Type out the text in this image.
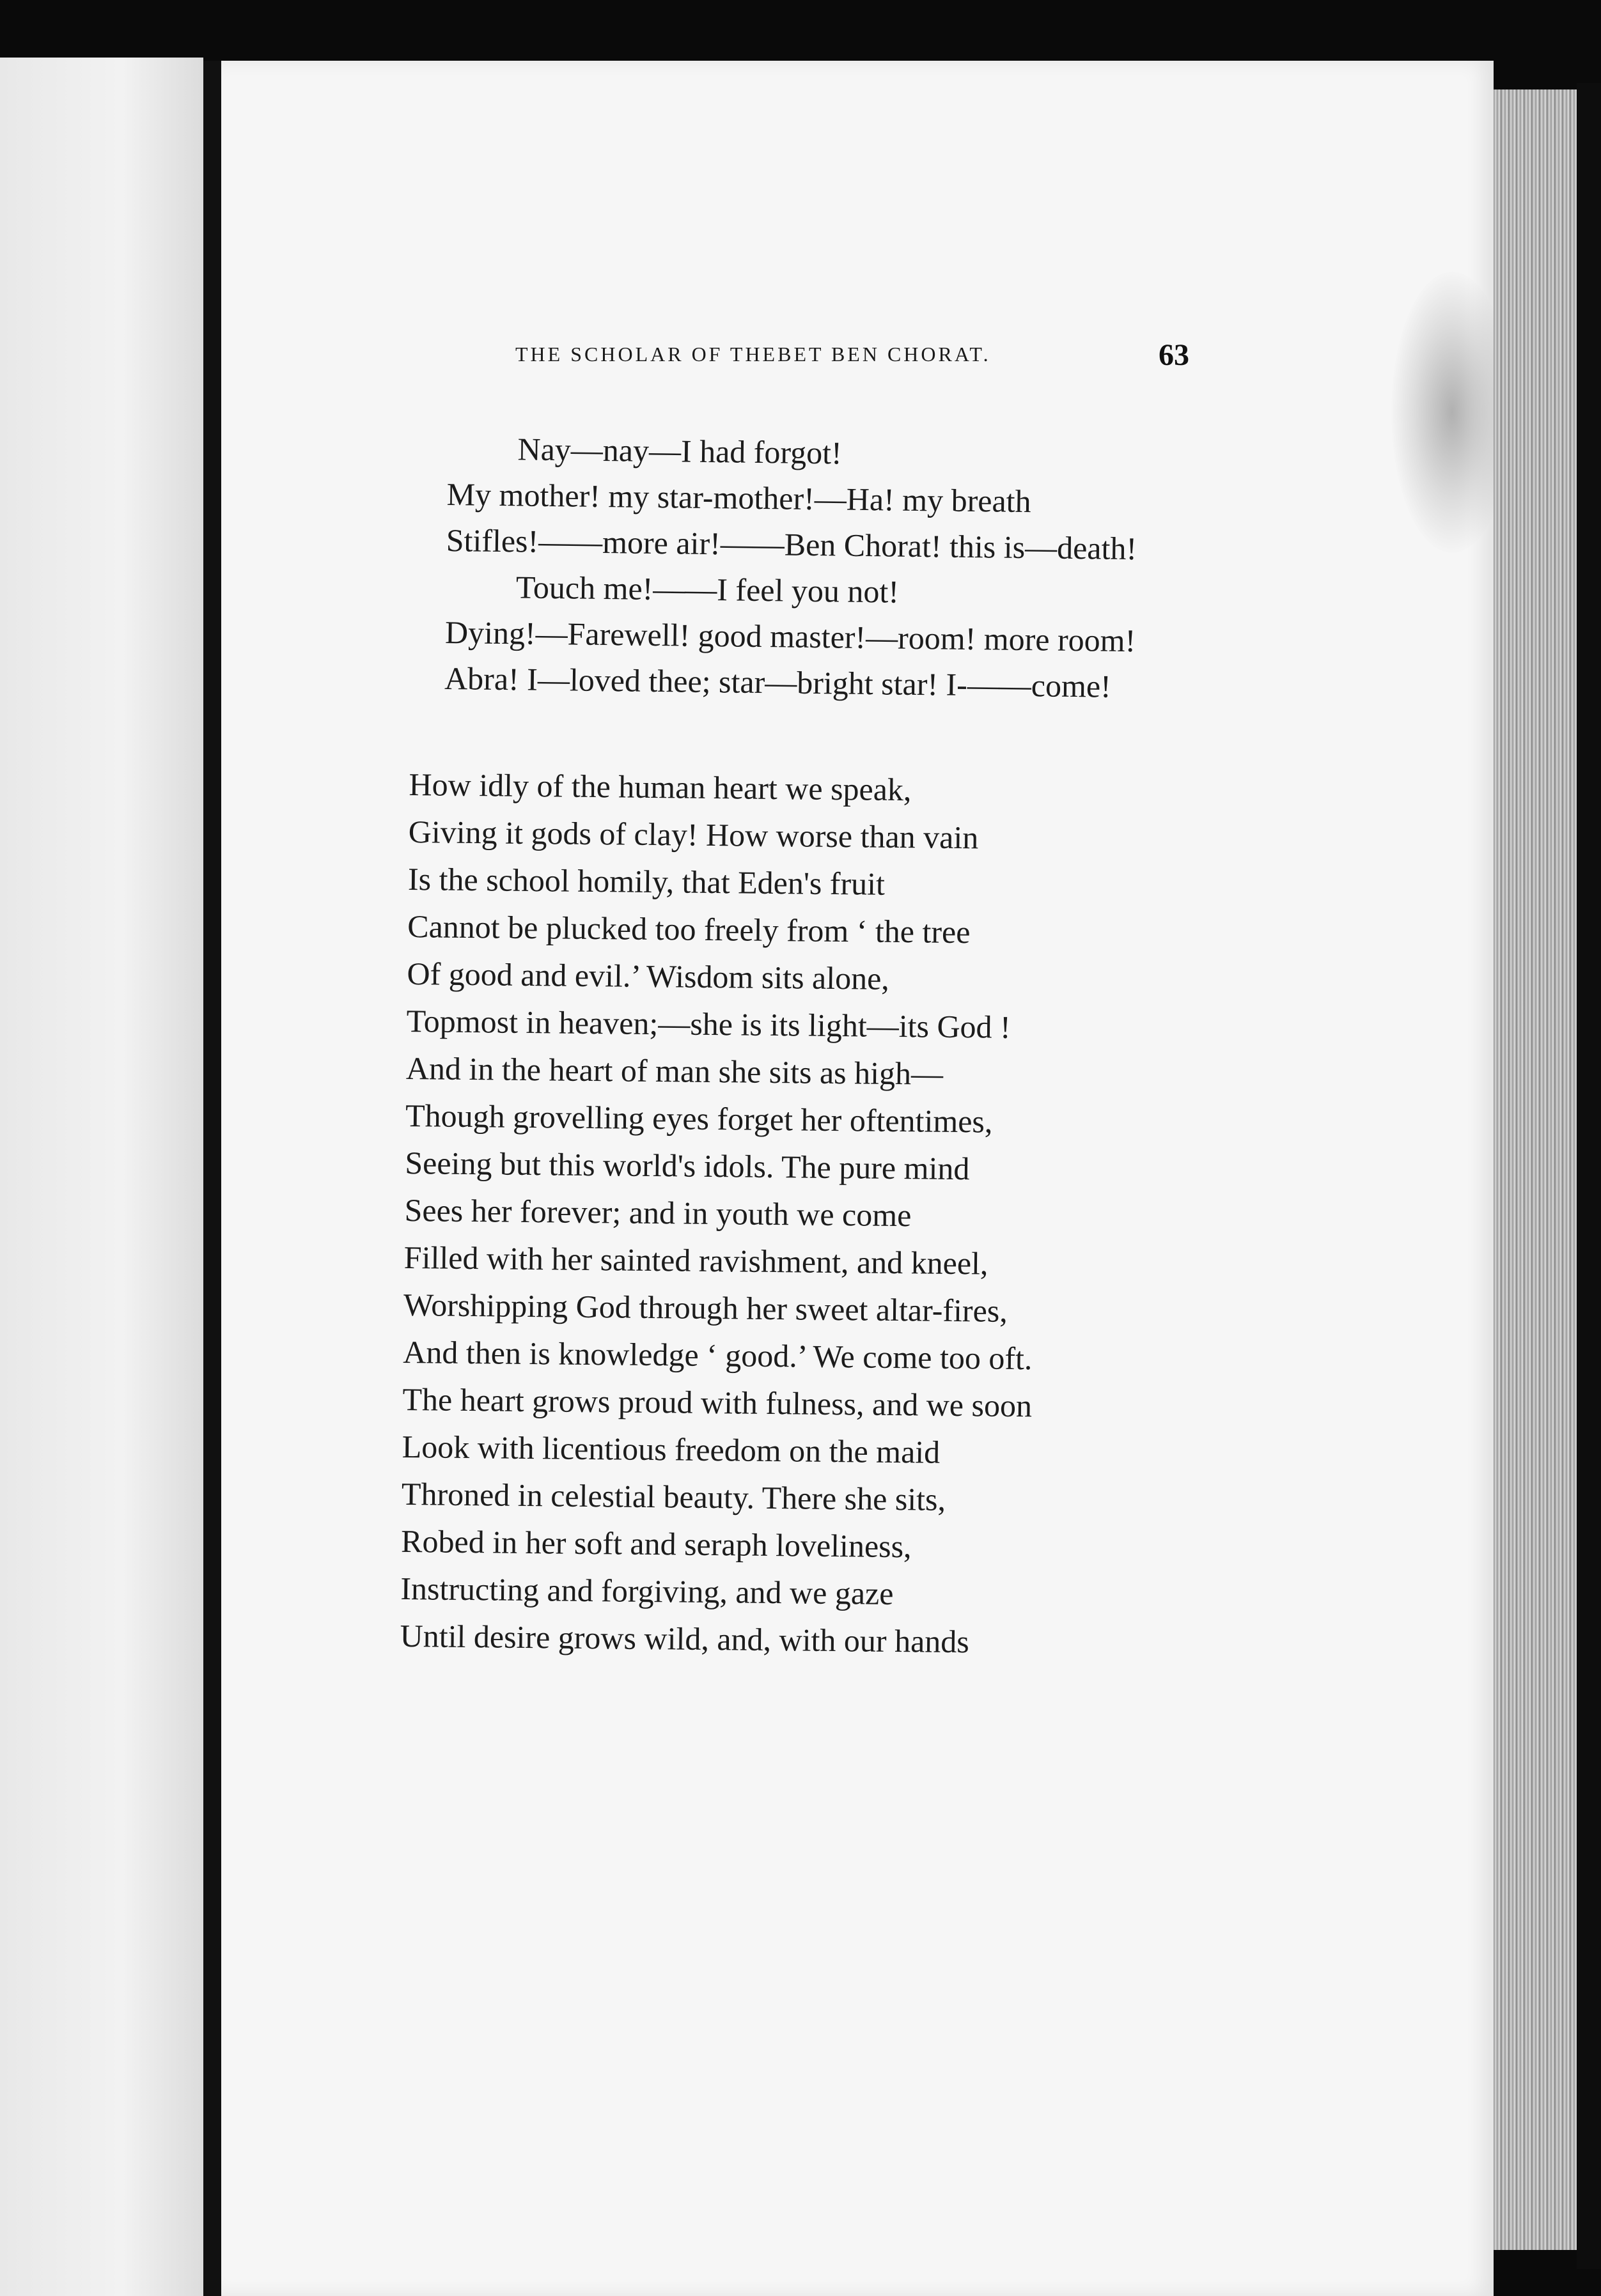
THE SCHOLAR OF THEBET BEN CHORAT.	63
Nay—nay—I had forgot!
My mother! my star-mother!—Ha! my breath
Stifles!——more air!——Ben Chorat! this is—death!
Touch me!——I feel you not!
Dying!—Farewell! good master!—room! more room!
Abra! I—loved thee; star—bright star! I-——come!
How idly of the human heart we speak,
Giving it gods of clay! How worse than vain
Is the school homily, that Eden's fruit
Cannot be plucked too freely from ‘ the tree
Of good and evil.’ Wisdom sits alone,
Topmost in heaven;—she is its light—its God !
And in the heart of man she sits as high—
Though grovelling eyes forget her oftentimes,
Seeing but this world's idols. The pure mind
Sees her forever; and in youth we come
Filled with her sainted ravishment, and kneel,
Worshipping God through her sweet altar-fires,
And then is knowledge ‘ good.’ We come too oft.
The heart grows proud with fulness, and we soon
Look with licentious freedom on the maid
Throned in celestial beauty. There she sits,
Robed in her soft and seraph loveliness,
Instructing and forgiving, and we gaze
Until desire grows wild, and, with our hands
